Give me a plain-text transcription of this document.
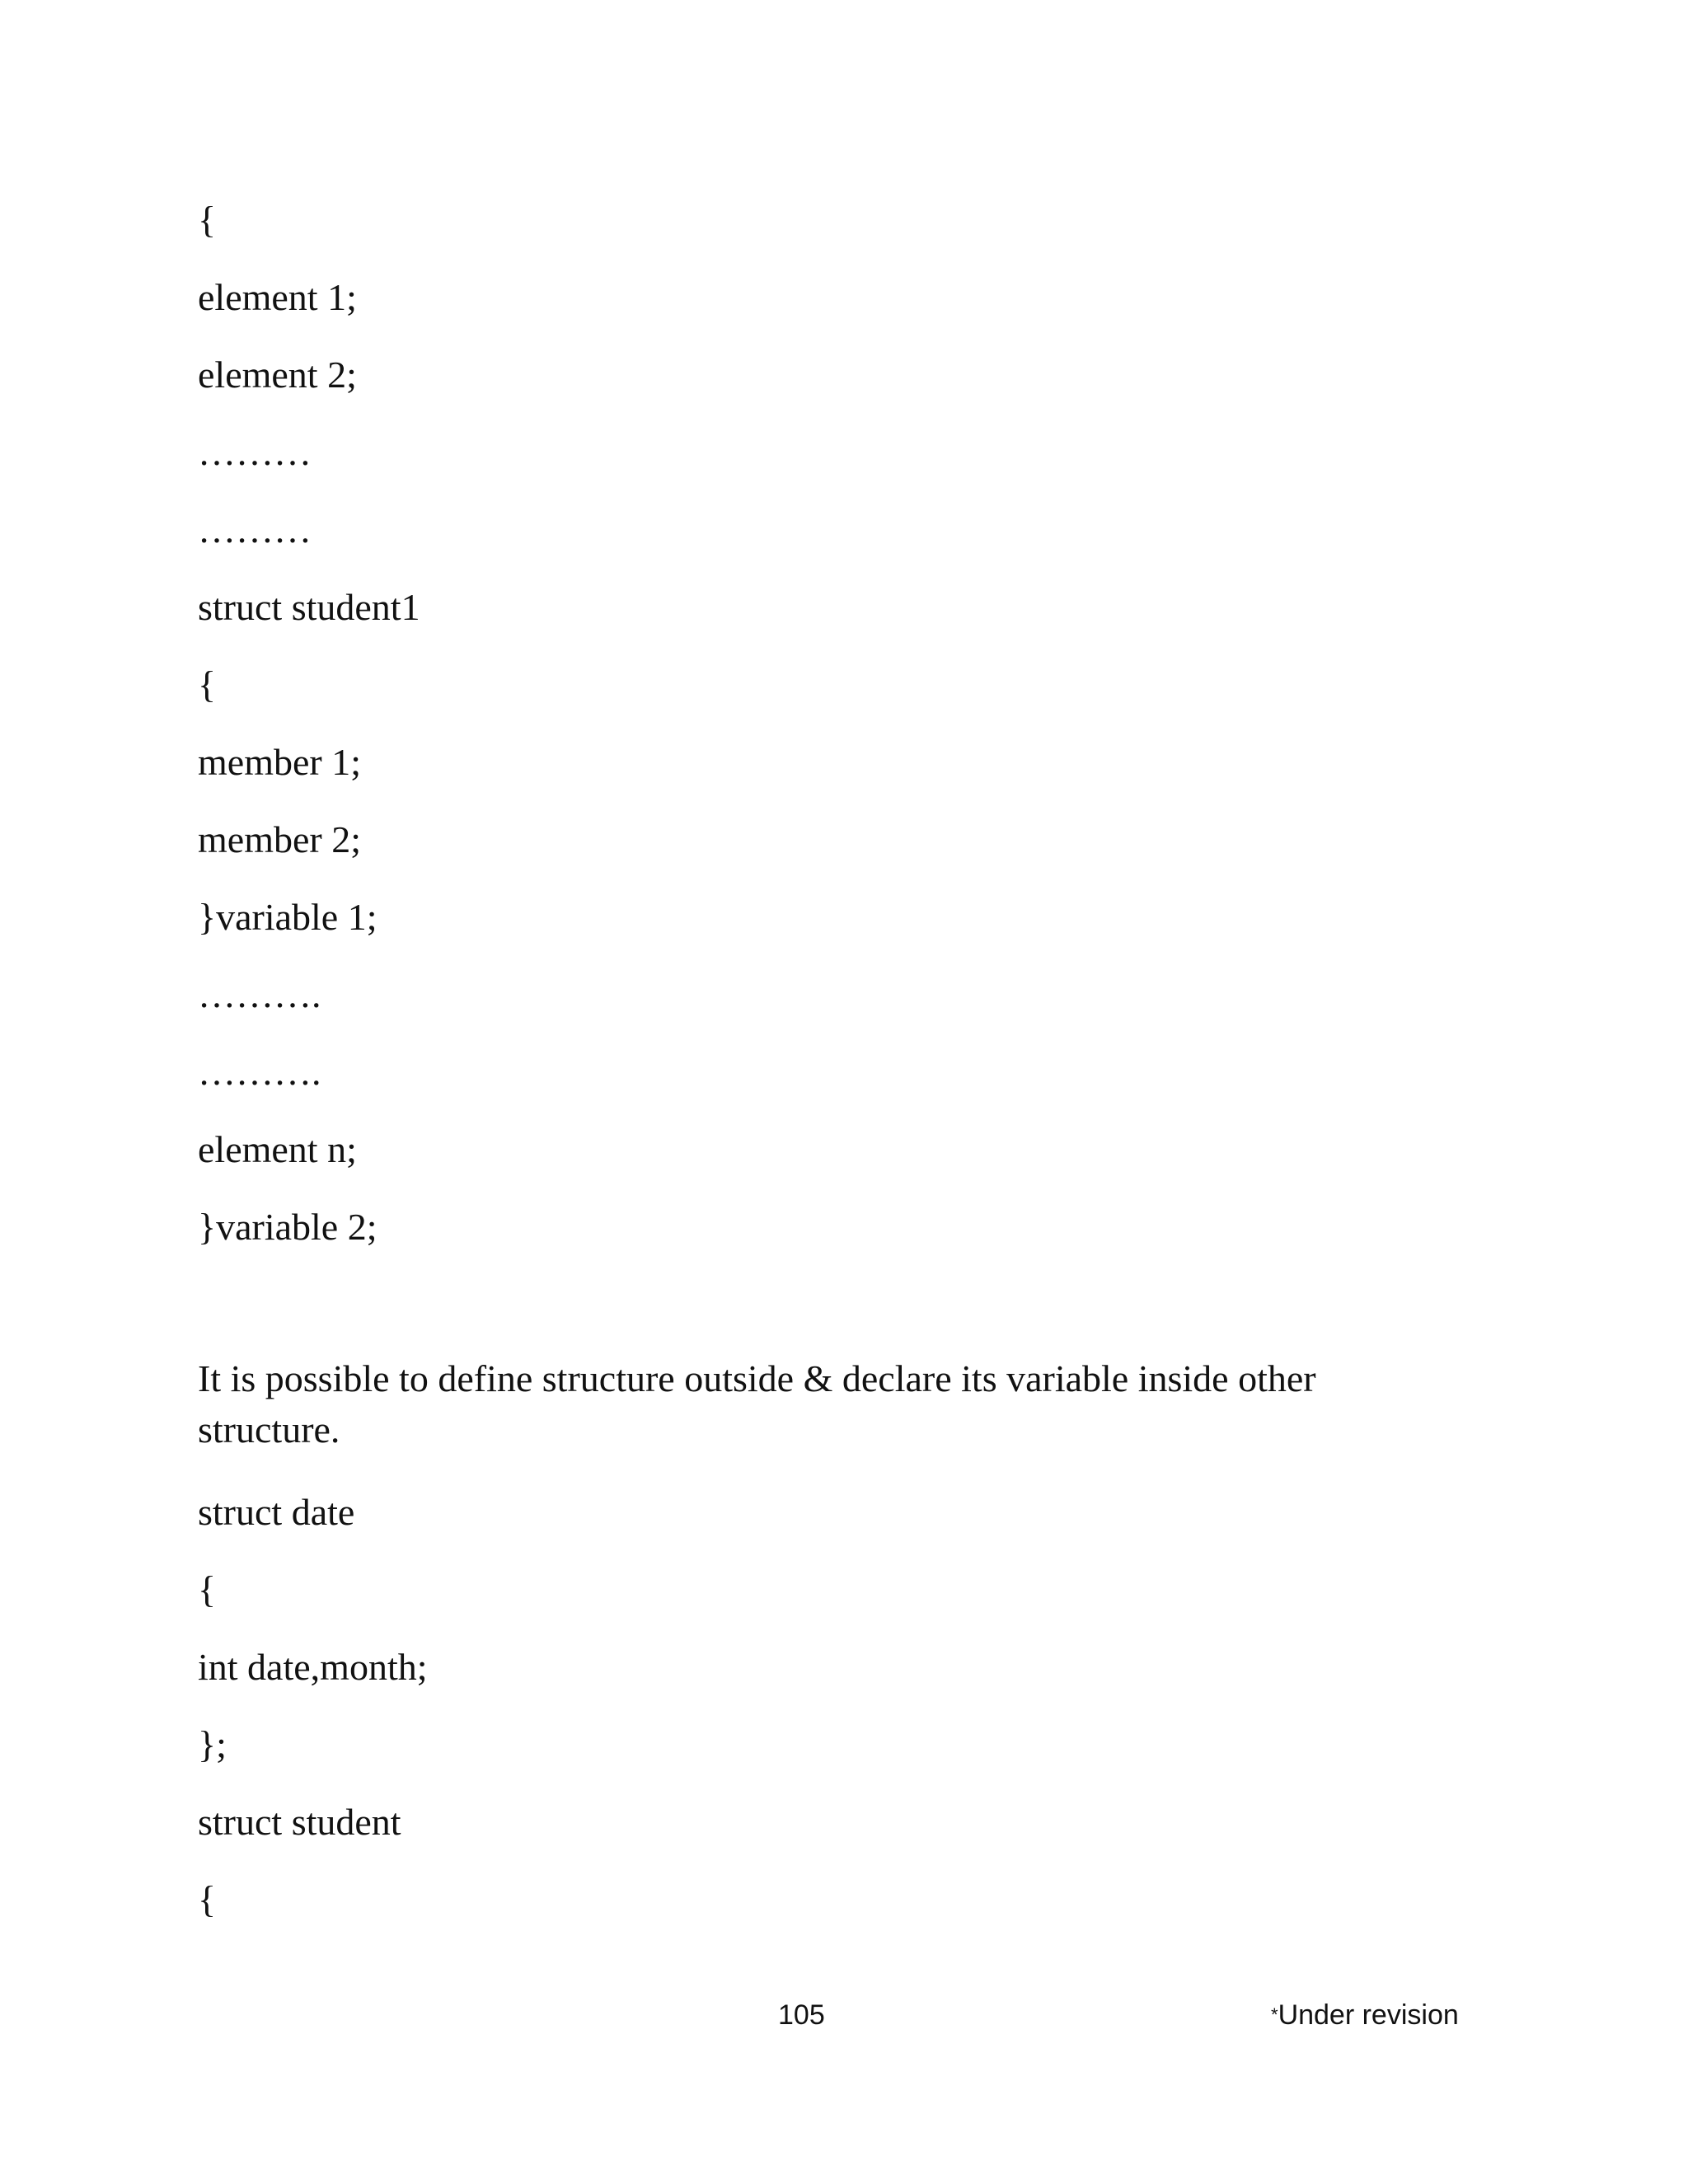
{
element 1;
element 2;
………
………
struct student1
{
member 1;
member 2;
}variable 1;
……….
……….
element n;
}variable 2;
It is possible to define structure outside & declare its variable inside other structure.
struct date
{
int date,month;
};
struct student
{
105	*Under revision
